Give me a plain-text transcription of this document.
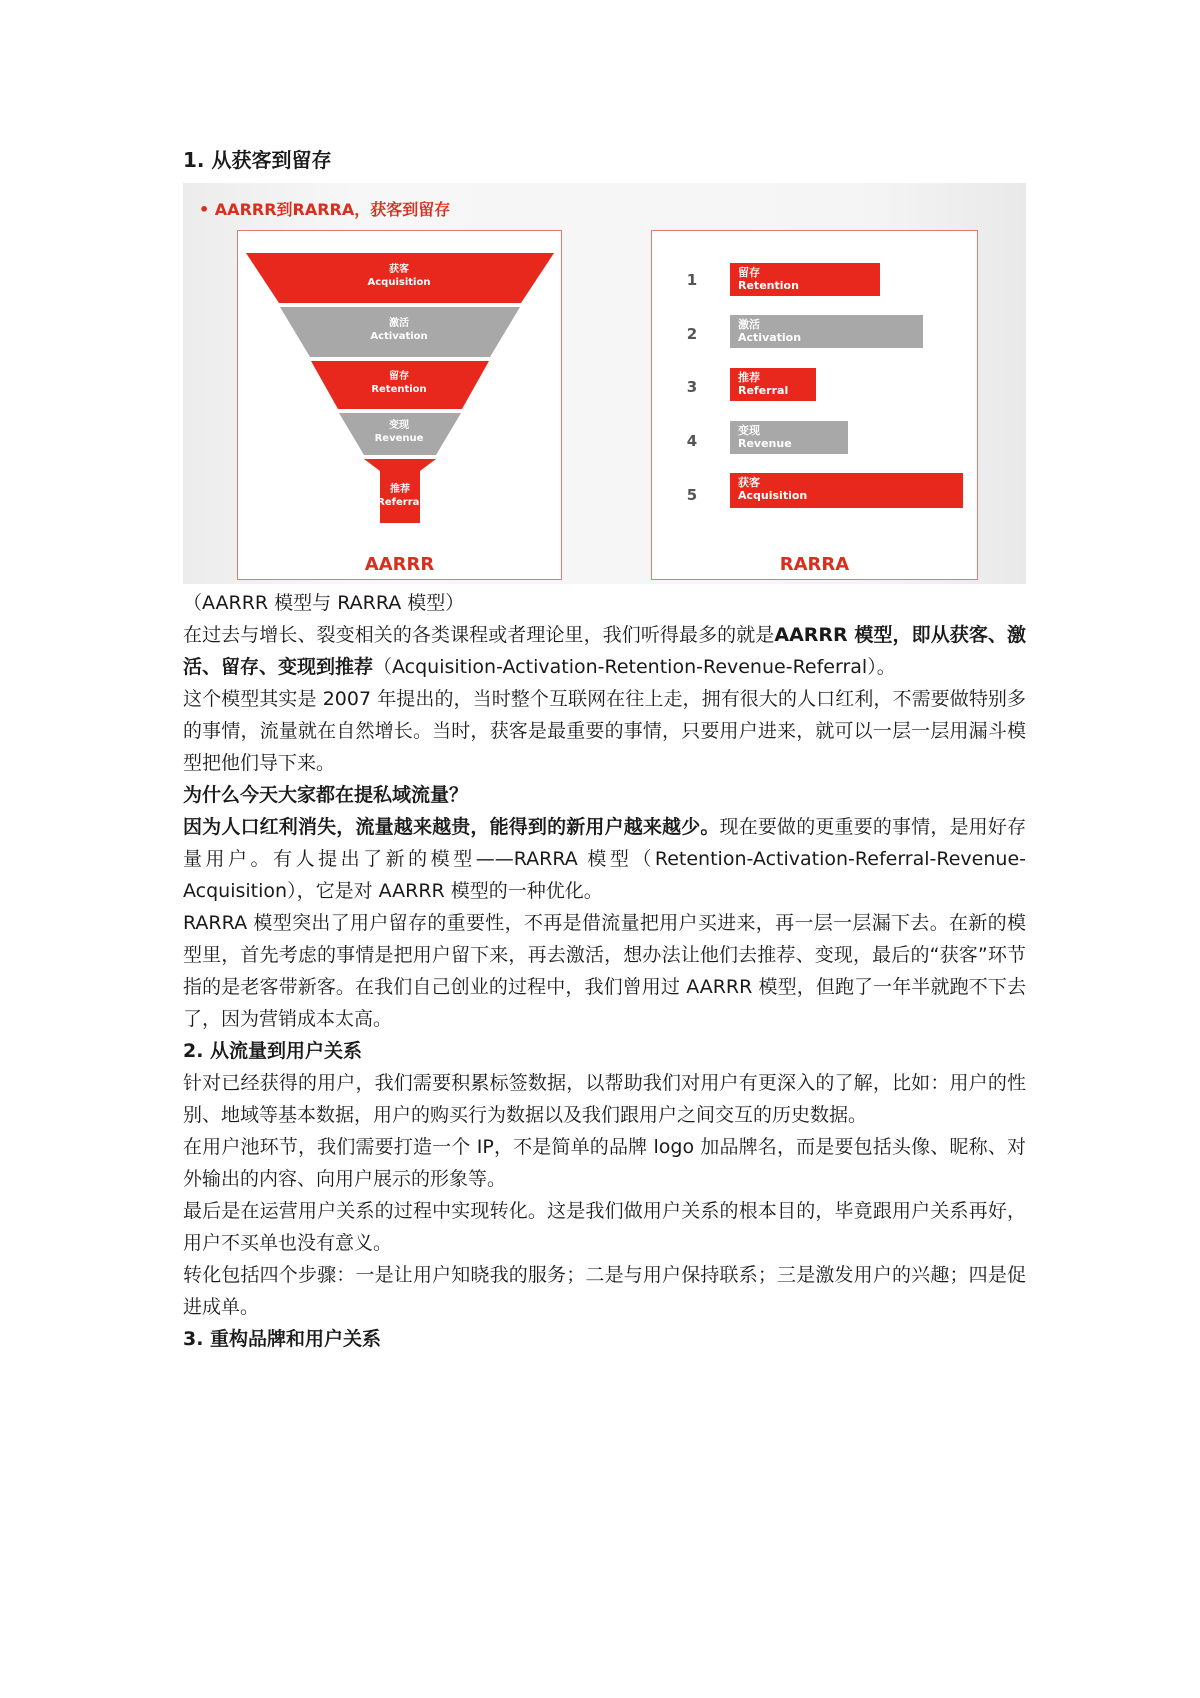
1. 从获客到留存
• AARRR到RARRA，获客到留存
获客
Acquisition
激活
Activation
留存
Retention
变现
Revenue
推荐
Referral
AARRR
1	留存
Retention
2
激活
Activation
3
推荐
Referral
4
变现
Revenue
5
获客
Acquisition
RARRA

（AARRR 模型与 RARRA 模型）

在过去与增长、裂变相关的各类课程或者理论里，我们听得最多的就是AARRR 模型，即从获客、激活、留存、变现到推荐（Acquisition-Activation-Retention-Revenue-Referral）。

这个模型其实是 2007 年提出的，当时整个互联网在往上走，拥有很大的人口红利，不需要做特别多的事情，流量就在自然增长。当时，获客是最重要的事情，只要用户进来，就可以一层一层用漏斗模型把他们导下来。

为什么今天大家都在提私域流量？

因为人口红利消失，流量越来越贵，能得到的新用户越来越少。现在要做的更重要的事情，是用好存量用户。有人提出了新的模型——RARRA 模型（Retention-Activation-Referral-Revenue-Acquisition），它是对 AARRR 模型的一种优化。

RARRA 模型突出了用户留存的重要性，不再是借流量把用户买进来，再一层一层漏下去。在新的模型里，首先考虑的事情是把用户留下来，再去激活，想办法让他们去推荐、变现，最后的“获客”环节指的是老客带新客。在我们自己创业的过程中，我们曾用过 AARRR 模型，但跑了一年半就跑不下去了，因为营销成本太高。

2. 从流量到用户关系

针对已经获得的用户，我们需要积累标签数据，以帮助我们对用户有更深入的了解，比如：用户的性别、地域等基本数据，用户的购买行为数据以及我们跟用户之间交互的历史数据。

在用户池环节，我们需要打造一个 IP，不是简单的品牌 logo 加品牌名，而是要包括头像、昵称、对外输出的内容、向用户展示的形象等。

最后是在运营用户关系的过程中实现转化。这是我们做用户关系的根本目的，毕竟跟用户关系再好，用户不买单也没有意义。

转化包括四个步骤：一是让用户知晓我的服务；二是与用户保持联系；三是激发用户的兴趣；四是促进成单。

3. 重构品牌和用户关系
